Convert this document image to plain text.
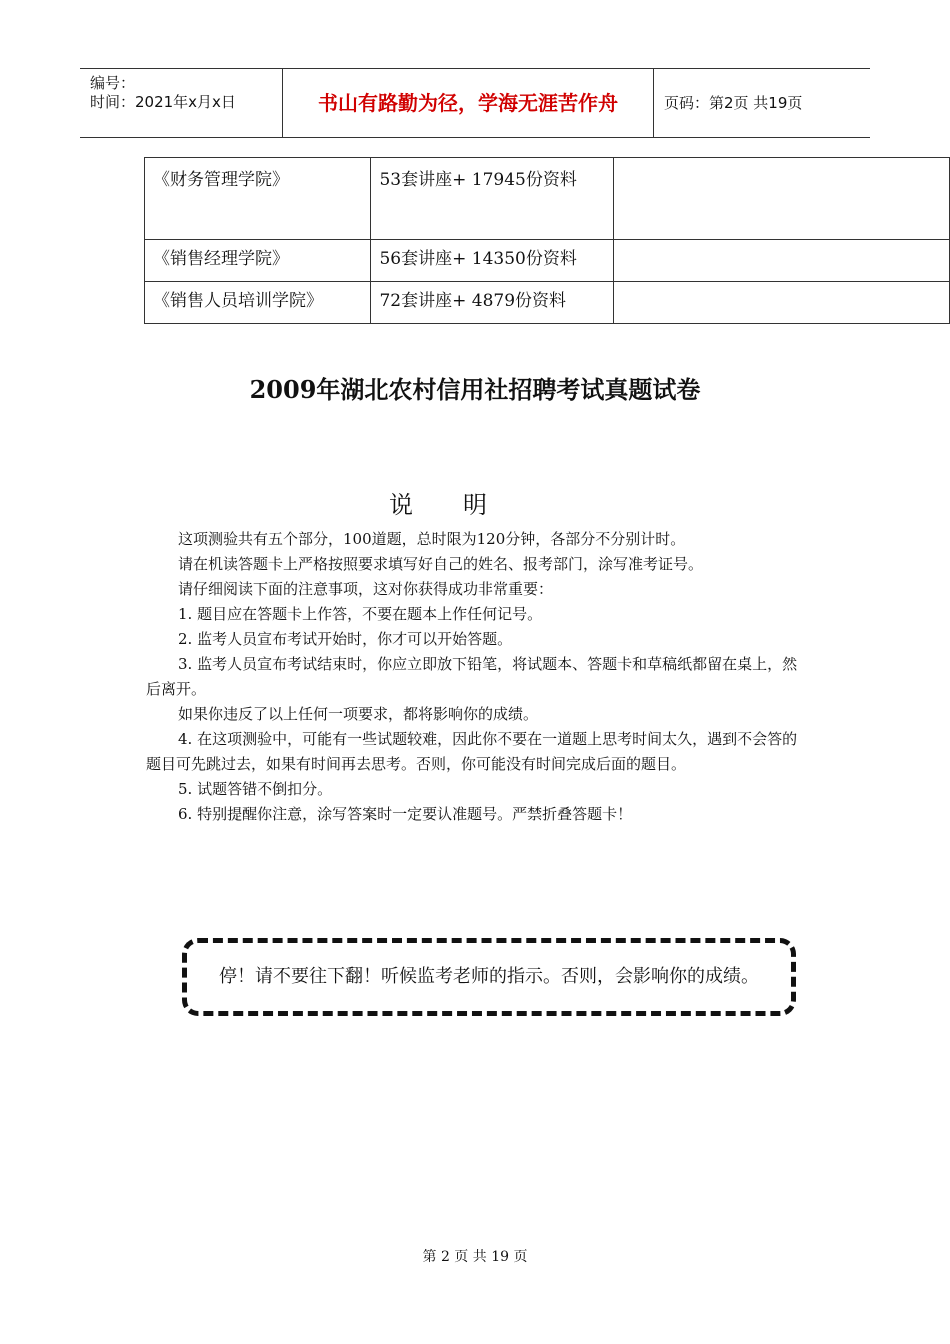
编号：
时间：2021年x月x日	书山有路勤为径，学海无涯苦作舟	页码：第2页 共19页
《财务管理学院》	53套讲座+ 17945份资料	
《销售经理学院》	56套讲座+ 14350份资料	
《销售人员培训学院》	72套讲座+ 4879份资料	
2009年湖北农村信用社招聘考试真题试卷
说明

这项测验共有五个部分，100道题，总时限为120分钟，各部分不分别计时。

请在机读答题卡上严格按照要求填写好自己的姓名、报考部门，涂写准考证号。

请仔细阅读下面的注意事项，这对你获得成功非常重要：

1. 题目应在答题卡上作答，不要在题本上作任何记号。

2. 监考人员宣布考试开始时，你才可以开始答题。

3. 监考人员宣布考试结束时，你应立即放下铅笔，将试题本、答题卡和草稿纸都留在桌上，然后离开。

如果你违反了以上任何一项要求，都将影响你的成绩。

4. 在这项测验中，可能有一些试题较难，因此你不要在一道题上思考时间太久，遇到不会答的题目可先跳过去，如果有时间再去思考。否则，你可能没有时间完成后面的题目。

5. 试题答错不倒扣分。

6. 特别提醒你注意，涂写答案时一定要认准题号。严禁折叠答题卡！

停！请不要往下翻！听候监考老师的指示。否则，会影响你的成绩。
第 2 页 共 19 页
